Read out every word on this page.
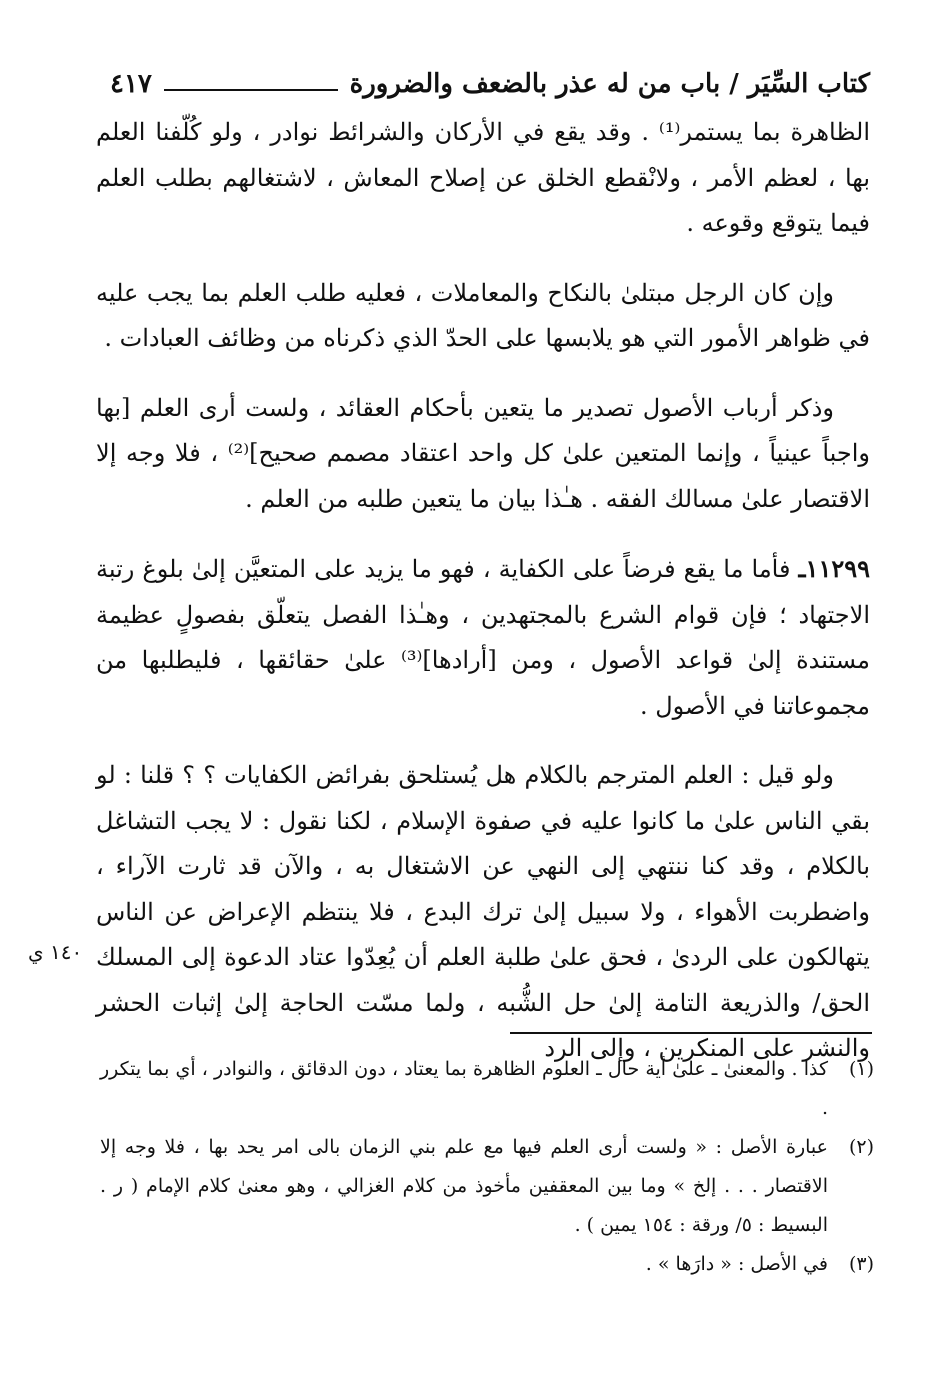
كتاب السِّيَر / باب من له عذر بالضعف والضرورة
٤١٧

الظاهرة بما يستمر⁽¹⁾ . وقد يقع في الأركان والشرائط نوادر ، ولو كُلّفنا العلم بها ، لعظم الأمر ، ولانْقطع الخلق عن إصلاح المعاش ، لاشتغالهم بطلب العلم فيما يتوقع وقوعه .

وإن كان الرجل مبتلىٰ بالنكاح والمعاملات ، فعليه طلب العلم بما يجب عليه في ظواهر الأمور التي هو يلابسها على الحدّ الذي ذكرناه من وظائف العبادات .

وذكر أرباب الأصول تصدير ما يتعين بأحكام العقائد ، ولست أرى العلم [بها واجباً عينياً ، وإنما المتعين علىٰ كل واحد اعتقاد مصمم صحيح]⁽²⁾ ، فلا وجه إلا الاقتصار علىٰ مسالك الفقه . هـٰذا بيان ما يتعين طلبه من العلم .

١١٢٩٩ـ فأما ما يقع فرضاً على الكفاية ، فهو ما يزيد على المتعيَّن إلىٰ بلوغ رتبة الاجتهاد ؛ فإن قوام الشرع بالمجتهدين ، وهـٰذا الفصل يتعلّق بفصولٍ عظيمة مستندة إلىٰ قواعد الأصول ، ومن [أرادها]⁽³⁾ علىٰ حقائقها ، فليطلبها من مجموعاتنا في الأصول .

ولو قيل : العلم المترجم بالكلام هل يُستلحق بفرائض الكفايات ؟ ؟ قلنا : لو بقي الناس علىٰ ما كانوا عليه في صفوة الإسلام ، لكنا نقول : لا يجب التشاغل بالكلام ، وقد كنا ننتهي إلى النهي عن الاشتغال به ، والآن قد ثارت الآراء ، واضطربت الأهواء ، ولا سبيل إلىٰ ترك البدع ، فلا ينتظم الإعراض عن الناس يتهالكون على الردىٰ ، فحق علىٰ طلبة العلم أن يُعِدّوا عتاد الدعوة إلى المسلك الحق/ والذريعة التامة إلىٰ حل الشُّبه ، ولما مسّت الحاجة إلىٰ إثبات الحشر والنشر على المنكرين ، وإلى الرد

١٤٠ ي
(١)
كذا . والمعنىٰ ـ علىٰ أية حال ـ العلوم الظاهرة بما يعتاد ، دون الدقائق ، والنوادر ، أي بما يتكرر .
(٢)
عبارة الأصل : « ولست أرى العلم فيها مع علم بني الزمان بالى امر يحد بها ، فلا وجه إلا الاقتصار . . . إلخ » وما بين المعقفين مأخوذ من كلام الغزالي ، وهو معنىٰ كلام الإمام ( ر . البسيط : ٥/ ورقة : ١٥٤ يمين ) .
(٣)
في الأصل : « دارَها » .
